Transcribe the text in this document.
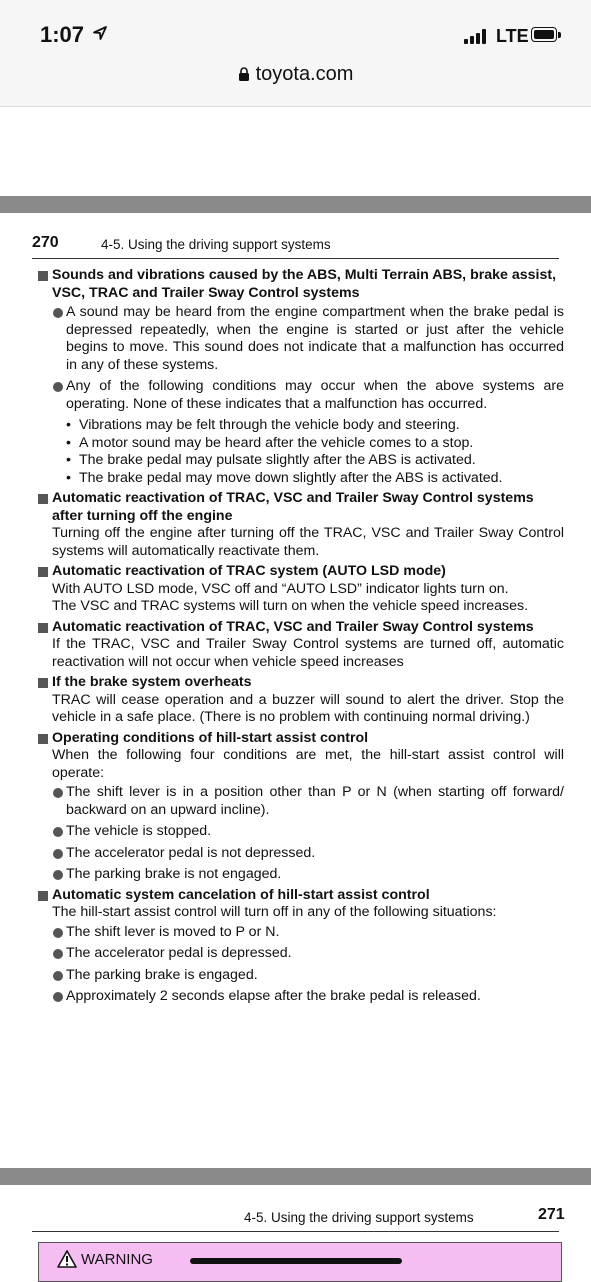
1:07	LTE
toyota.com
270	4-5. Using the driving support systems
Sounds and vibrations caused by the ABS, Multi Terrain ABS, brake assist, VSC, TRAC and Trailer Sway Control systems
A sound may be heard from the engine compartment when the brake pedal is depressed repeatedly, when the engine is started or just after the vehicle begins to move. This sound does not indicate that a malfunction has occurred in any of these systems.
Any of the following conditions may occur when the above systems are operating. None of these indicates that a malfunction has occurred.
• Vibrations may be felt through the vehicle body and steering.
• A motor sound may be heard after the vehicle comes to a stop.
• The brake pedal may pulsate slightly after the ABS is activated.
• The brake pedal may move down slightly after the ABS is activated.
Automatic reactivation of TRAC, VSC and Trailer Sway Control systems after turning off the engine
Turning off the engine after turning off the TRAC, VSC and Trailer Sway Control systems will automatically reactivate them.
Automatic reactivation of TRAC system (AUTO LSD mode)
With AUTO LSD mode, VSC off and “AUTO LSD” indicator lights turn on.
The VSC and TRAC systems will turn on when the vehicle speed increases.
Automatic reactivation of TRAC, VSC and Trailer Sway Control systems
If the TRAC, VSC and Trailer Sway Control systems are turned off, automatic reactivation will not occur when vehicle speed increases
If the brake system overheats
TRAC will cease operation and a buzzer will sound to alert the driver. Stop the vehicle in a safe place. (There is no problem with continuing normal driving.)
Operating conditions of hill-start assist control
When the following four conditions are met, the hill-start assist control will operate:
The shift lever is in a position other than P or N (when starting off forward/ backward on an upward incline).
The vehicle is stopped.
The accelerator pedal is not depressed.
The parking brake is not engaged.
Automatic system cancelation of hill-start assist control
The hill-start assist control will turn off in any of the following situations:
The shift lever is moved to P or N.
The accelerator pedal is depressed.
The parking brake is engaged.
Approximately 2 seconds elapse after the brake pedal is released.
4-5. Using the driving support systems	271
WARNING
